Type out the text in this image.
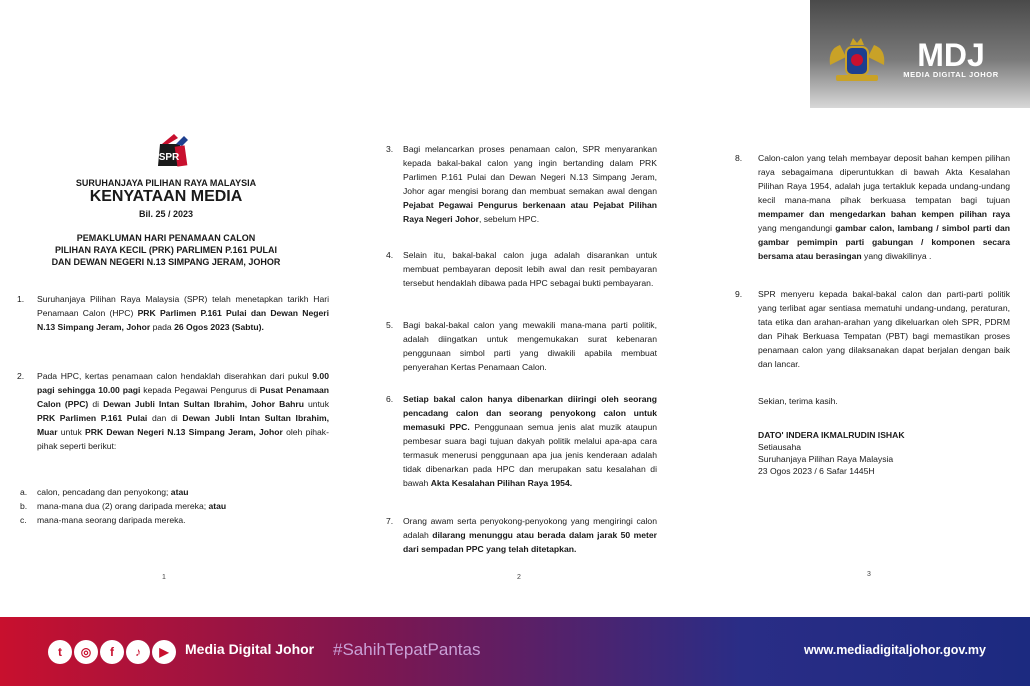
MDJ
MEDIA DIGITAL JOHOR
SPR
SURUHANJAYA PILIHAN RAYA MALAYSIA
KENYATAAN MEDIA
Bil. 25 / 2023
PEMAKLUMAN HARI PENAMAAN CALON
PILIHAN RAYA KECIL (PRK) PARLIMEN P.161 PULAI
DAN DEWAN NEGERI N.13 SIMPANG JERAM, JOHOR
1. Suruhanjaya Pilihan Raya Malaysia (SPR) telah menetapkan tarikh Hari Penamaan Calon (HPC) PRK Parlimen P.161 Pulai dan Dewan Negeri N.13 Simpang Jeram, Johor pada 26 Ogos 2023 (Sabtu).

2. Pada HPC, kertas penamaan calon hendaklah diserahkan dari pukul 9.00 pagi sehingga 10.00 pagi kepada Pegawai Pengurus di Pusat Penamaan Calon (PPC) di Dewan Jubli Intan Sultan Ibrahim, Johor Bahru untuk PRK Parlimen P.161 Pulai dan di Dewan Jubli Intan Sultan Ibrahim, Muar untuk PRK Dewan Negeri N.13 Simpang Jeram, Johor oleh pihak-pihak seperti berikut:

a. calon, pencadang dan penyokong; atau

b. mana-mana dua (2) orang daripada mereka; atau

c. mana-mana seorang daripada mereka.

1
3. Bagi melancarkan proses penamaan calon, SPR menyarankan kepada bakal-bakal calon yang ingin bertanding dalam PRK Parlimen P.161 Pulai dan Dewan Negeri N.13 Simpang Jeram, Johor agar mengisi borang dan membuat semakan awal dengan Pejabat Pegawai Pengurus berkenaan atau Pejabat Pilihan Raya Negeri Johor, sebelum HPC.

4. Selain itu, bakal-bakal calon juga adalah disarankan untuk membuat pembayaran deposit lebih awal dan resit pembayaran tersebut hendaklah dibawa pada HPC sebagai bukti pembayaran.

5. Bagi bakal-bakal calon yang mewakili mana-mana parti politik, adalah diingatkan untuk mengemukakan surat kebenaran penggunaan simbol parti yang diwakili apabila membuat penyerahan Kertas Penamaan Calon.

6. Setiap bakal calon hanya dibenarkan diiringi oleh seorang pencadang calon dan seorang penyokong calon untuk memasuki PPC. Penggunaan semua jenis alat muzik ataupun pembesar suara bagi tujuan dakyah politik melalui apa-apa cara termasuk menerusi penggunaan apa jua jenis kenderaan adalah tidak dibenarkan pada HPC dan merupakan satu kesalahan di bawah Akta Kesalahan Pilihan Raya 1954.

7. Orang awam serta penyokong-penyokong yang mengiringi calon adalah dilarang menunggu atau berada dalam jarak 50 meter dari sempadan PPC yang telah ditetapkan.

2
8. Calon-calon yang telah membayar deposit bahan kempen pilihan raya sebagaimana diperuntukkan di bawah Akta Kesalahan Pilihan Raya 1954, adalah juga tertakluk kepada undang-undang kecil mana-mana pihak berkuasa tempatan bagi tujuan mempamer dan mengedarkan bahan kempen pilihan raya yang mengandungi gambar calon, lambang / simbol parti dan gambar pemimpin parti gabungan / komponen secara bersama atau berasingan yang diwakilinya .

9. SPR menyeru kepada bakal-bakal calon dan parti-parti politik yang terlibat agar sentiasa mematuhi undang-undang, peraturan, tata etika dan arahan-arahan yang dikeluarkan oleh SPR, PDRM dan Pihak Berkuasa Tempatan (PBT) bagi memastikan proses penamaan calon yang dilaksanakan dapat berjalan dengan baik dan lancar.

Sekian, terima kasih.

DATO' INDERA IKMALRUDIN ISHAK
Setiausaha
Suruhanjaya Pilihan Raya Malaysia
23 Ogos 2023 / 6 Safar 1445H
3
t	◎	f	♪	▶	Media Digital Johor #SahihTepatPantas	www.mediadigitaljohor.gov.my
